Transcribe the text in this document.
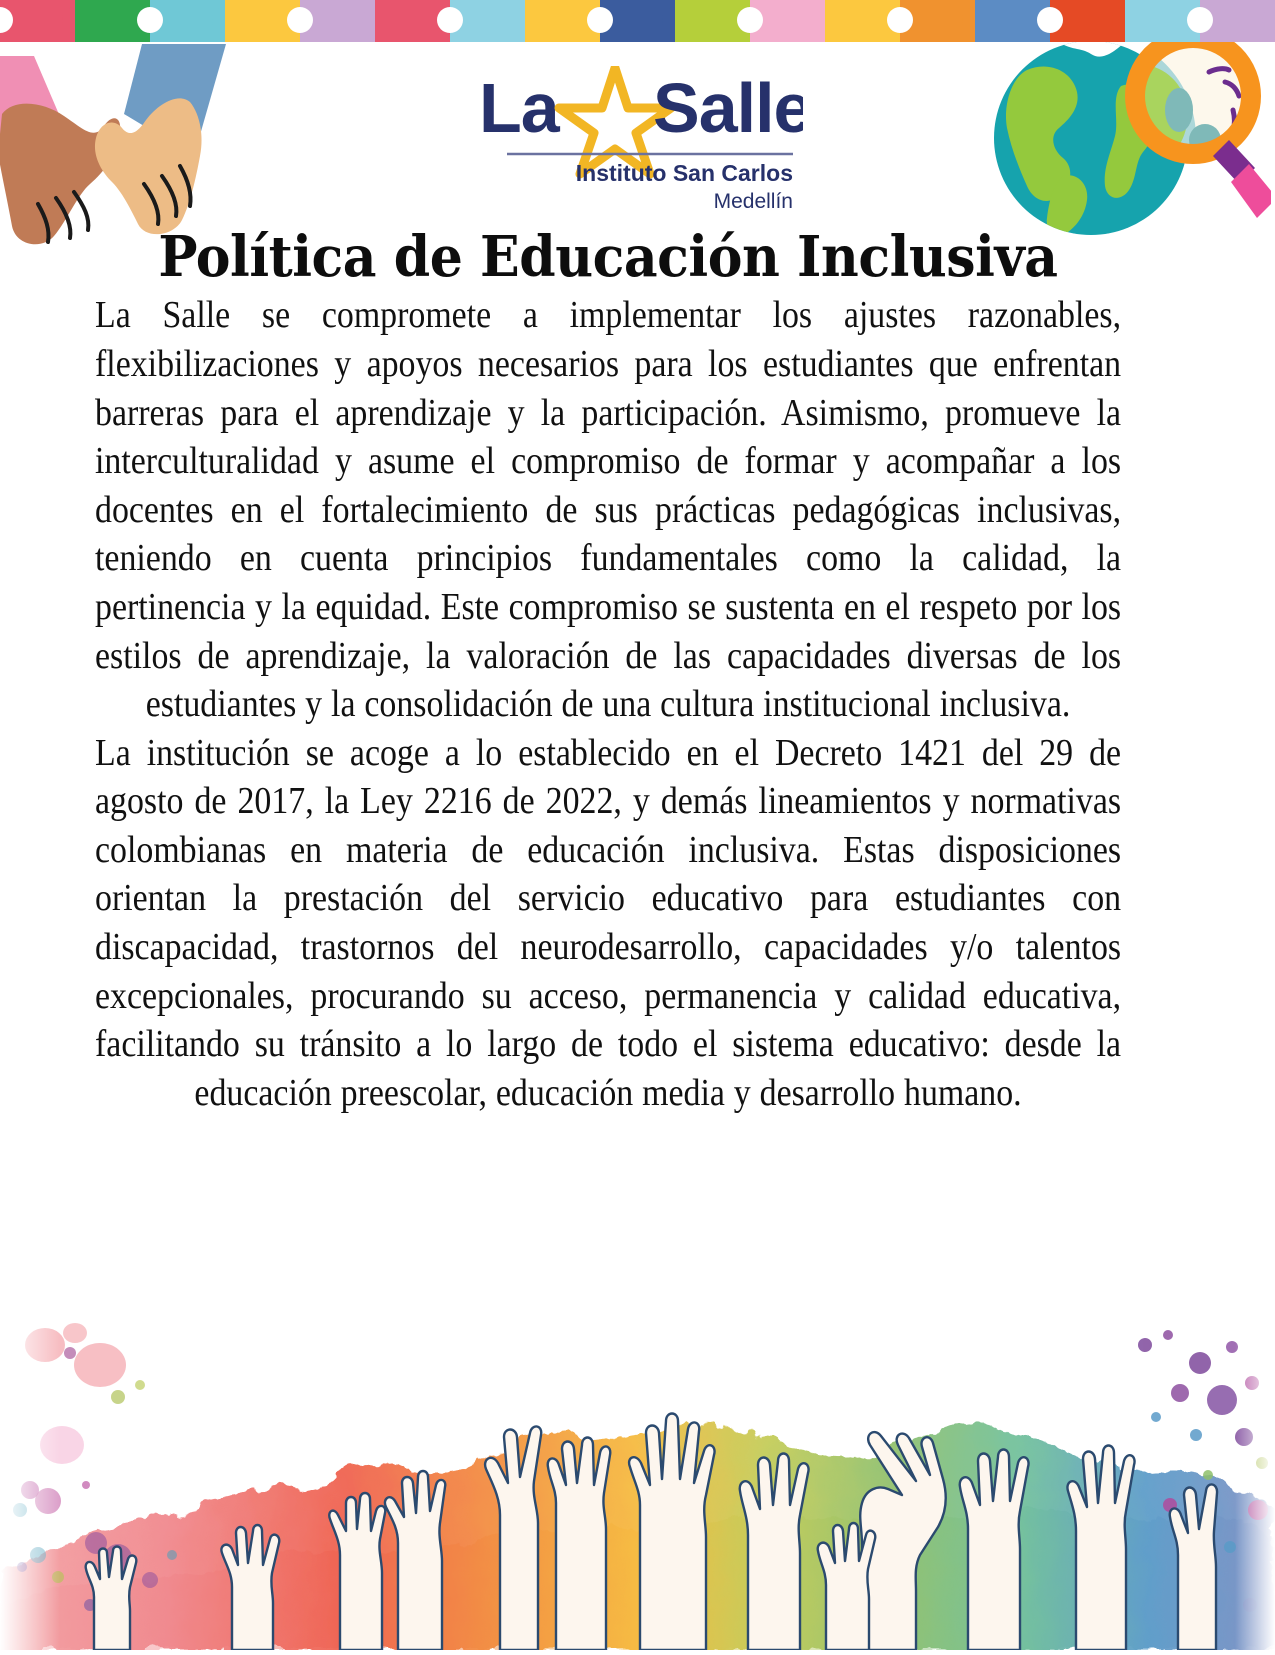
La Salle
Instituto San Carlos
Medellín
Política de Educación Inclusiva

La Salle se compromete a implementar los ajustes razonables, flexibilizaciones y apoyos necesarios para los estudiantes que enfrentan barreras para el aprendizaje y la participación. Asimismo, promueve la interculturalidad y asume el compromiso de formar y acompañar a los docentes en el fortalecimiento de sus prácticas pedagógicas inclusivas, teniendo en cuenta principios fundamentales como la calidad, la pertinencia y la equidad. Este compromiso se sustenta en el respeto por los estilos de aprendizaje, la valoración de las capacidades diversas de los estudiantes y la consolidación de una cultura institucional inclusiva.

La institución se acoge a lo establecido en el Decreto 1421 del 29 de agosto de 2017, la Ley 2216 de 2022, y demás lineamientos y normativas colombianas en materia de educación inclusiva. Estas disposiciones orientan la prestación del servicio educativo para estudiantes con discapacidad, trastornos del neurodesarrollo, capacidades y/o talentos excepcionales, procurando su acceso, permanencia y calidad educativa, facilitando su tránsito a lo largo de todo el sistema educativo: desde la educación preescolar, educación media y desarrollo humano.
